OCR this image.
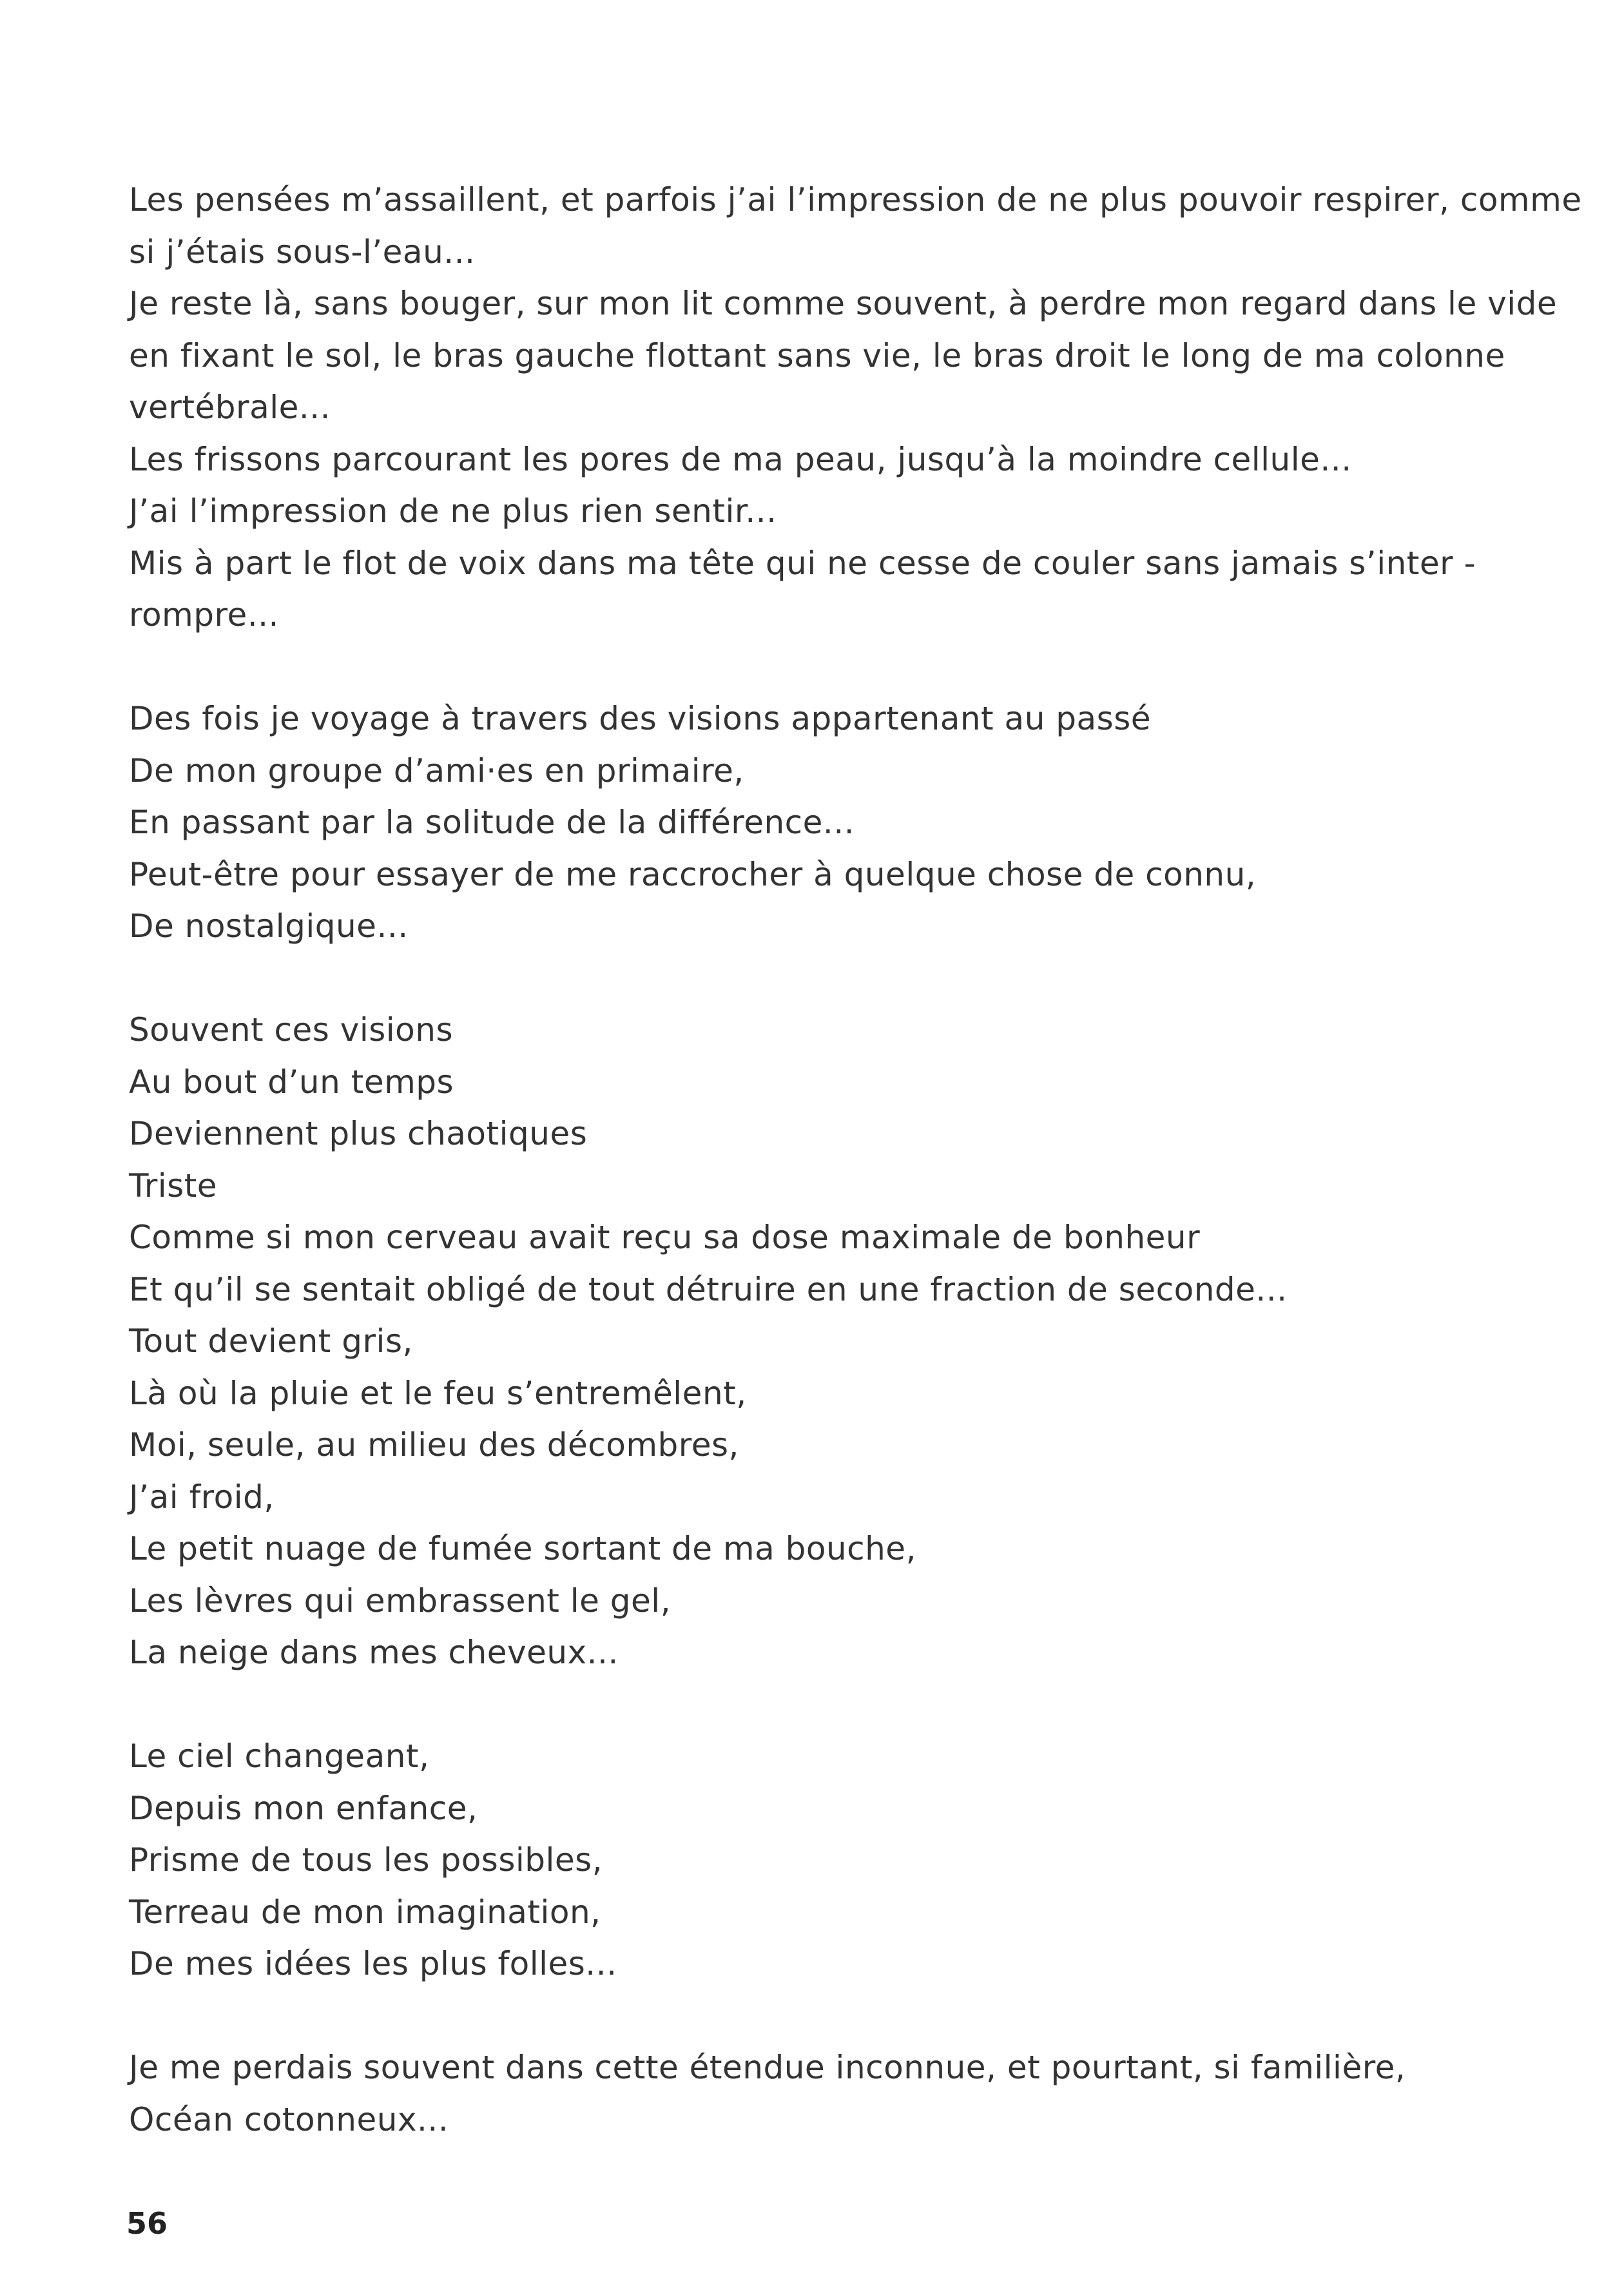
Les pensées m’assaillent, et parfois j’ai l’impression de ne plus pouvoir respirer, comme
si j’étais sous-l’eau...
Je reste là, sans bouger, sur mon lit comme souvent, à perdre mon regard dans le vide
en fixant le sol, le bras gauche flottant sans vie, le bras droit le long de ma colonne
vertébrale...
Les frissons parcourant les pores de ma peau, jusqu’à la moindre cellule...
J’ai l’impression de ne plus rien sentir...
Mis à part le flot de voix dans ma tête qui ne cesse de couler sans jamais s’inter -
rompre...
Des fois je voyage à travers des visions appartenant au passé
De mon groupe d’ami·es en primaire,
En passant par la solitude de la différence...
Peut-être pour essayer de me raccrocher à quelque chose de connu,
De nostalgique...
Souvent ces visions
Au bout d’un temps
Deviennent plus chaotiques
Triste
Comme si mon cerveau avait reçu sa dose maximale de bonheur
Et qu’il se sentait obligé de tout détruire en une fraction de seconde...
Tout devient gris,
Là où la pluie et le feu s’entremêlent,
Moi, seule, au milieu des décombres,
J’ai froid,
Le petit nuage de fumée sortant de ma bouche,
Les lèvres qui embrassent le gel,
La neige dans mes cheveux...
Le ciel changeant,
Depuis mon enfance,
Prisme de tous les possibles,
Terreau de mon imagination,
De mes idées les plus folles...
Je me perdais souvent dans cette étendue inconnue, et pourtant, si familière,
Océan cotonneux...
56
